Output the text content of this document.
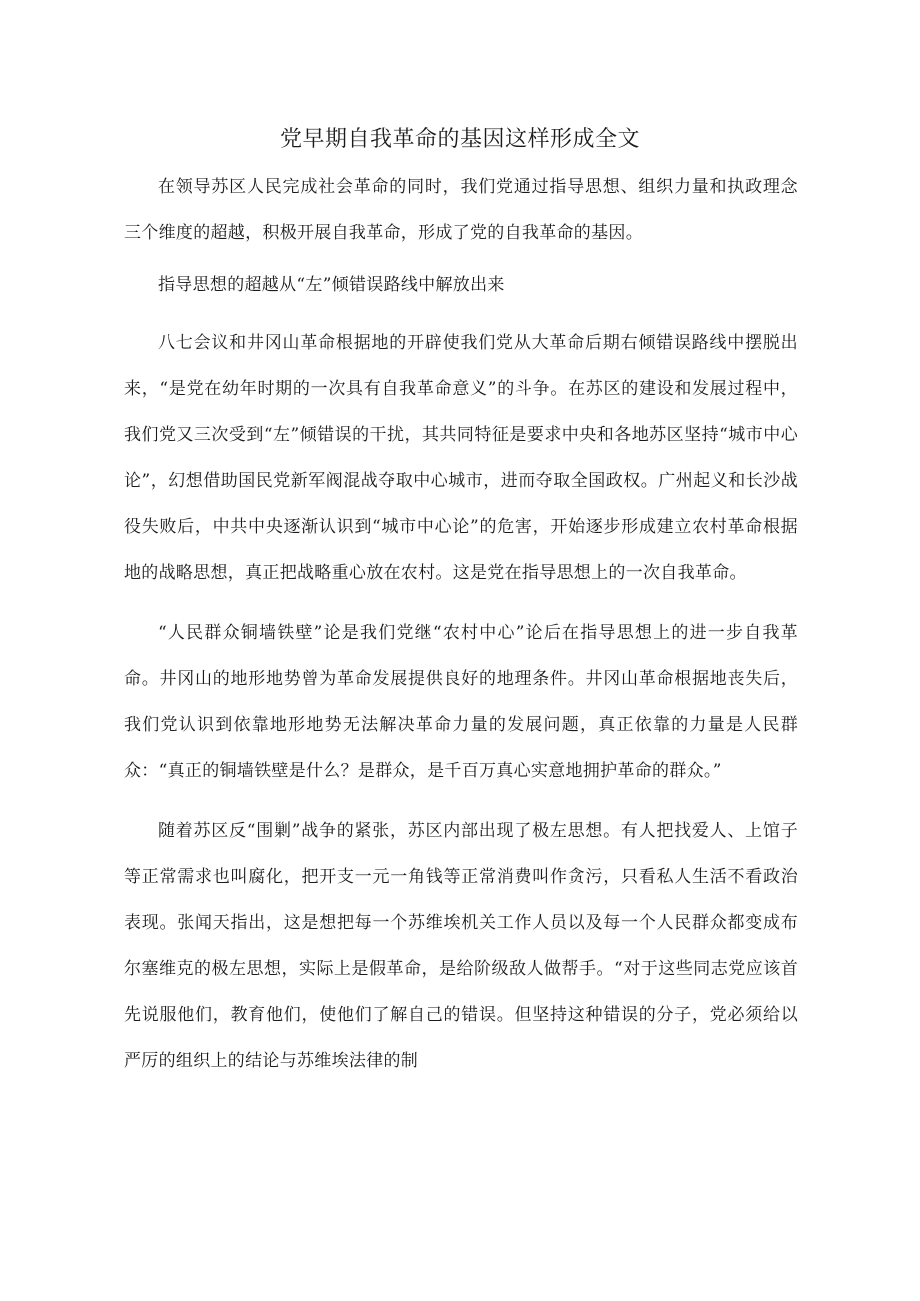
党早期自我革命的基因这样形成全文

在领导苏区人民完成社会革命的同时，我们党通过指导思想、组织力量和执政理念三个维度的超越，积极开展自我革命，形成了党的自我革命的基因。

指导思想的超越从“左”倾错误路线中解放出来

八七会议和井冈山革命根据地的开辟使我们党从大革命后期右倾错误路线中摆脱出来，“是党在幼年时期的一次具有自我革命意义”的斗争。在苏区的建设和发展过程中，我们党又三次受到“左”倾错误的干扰，其共同特征是要求中央和各地苏区坚持“城市中心论”，幻想借助国民党新军阀混战夺取中心城市，进而夺取全国政权。广州起义和长沙战役失败后，中共中央逐渐认识到“城市中心论”的危害，开始逐步形成建立农村革命根据地的战略思想，真正把战略重心放在农村。这是党在指导思想上的一次自我革命。

“人民群众铜墙铁壁”论是我们党继“农村中心”论后在指导思想上的进一步自我革命。井冈山的地形地势曾为革命发展提供良好的地理条件。井冈山革命根据地丧失后，我们党认识到依靠地形地势无法解决革命力量的发展问题，真正依靠的力量是人民群众：“真正的铜墙铁壁是什么？是群众，是千百万真心实意地拥护革命的群众。”

随着苏区反“围剿”战争的紧张，苏区内部出现了极左思想。有人把找爱人、上馆子等正常需求也叫腐化，把开支一元一角钱等正常消费叫作贪污，只看私人生活不看政治表现。张闻天指出，这是想把每一个苏维埃机关工作人员以及每一个人民群众都变成布尔塞维克的极左思想，实际上是假革命，是给阶级敌人做帮手。“对于这些同志党应该首先说服他们，教育他们，使他们了解自己的错误。但坚持这种错误的分子，党必须给以严厉的组织上的结论与苏维埃法律的制
